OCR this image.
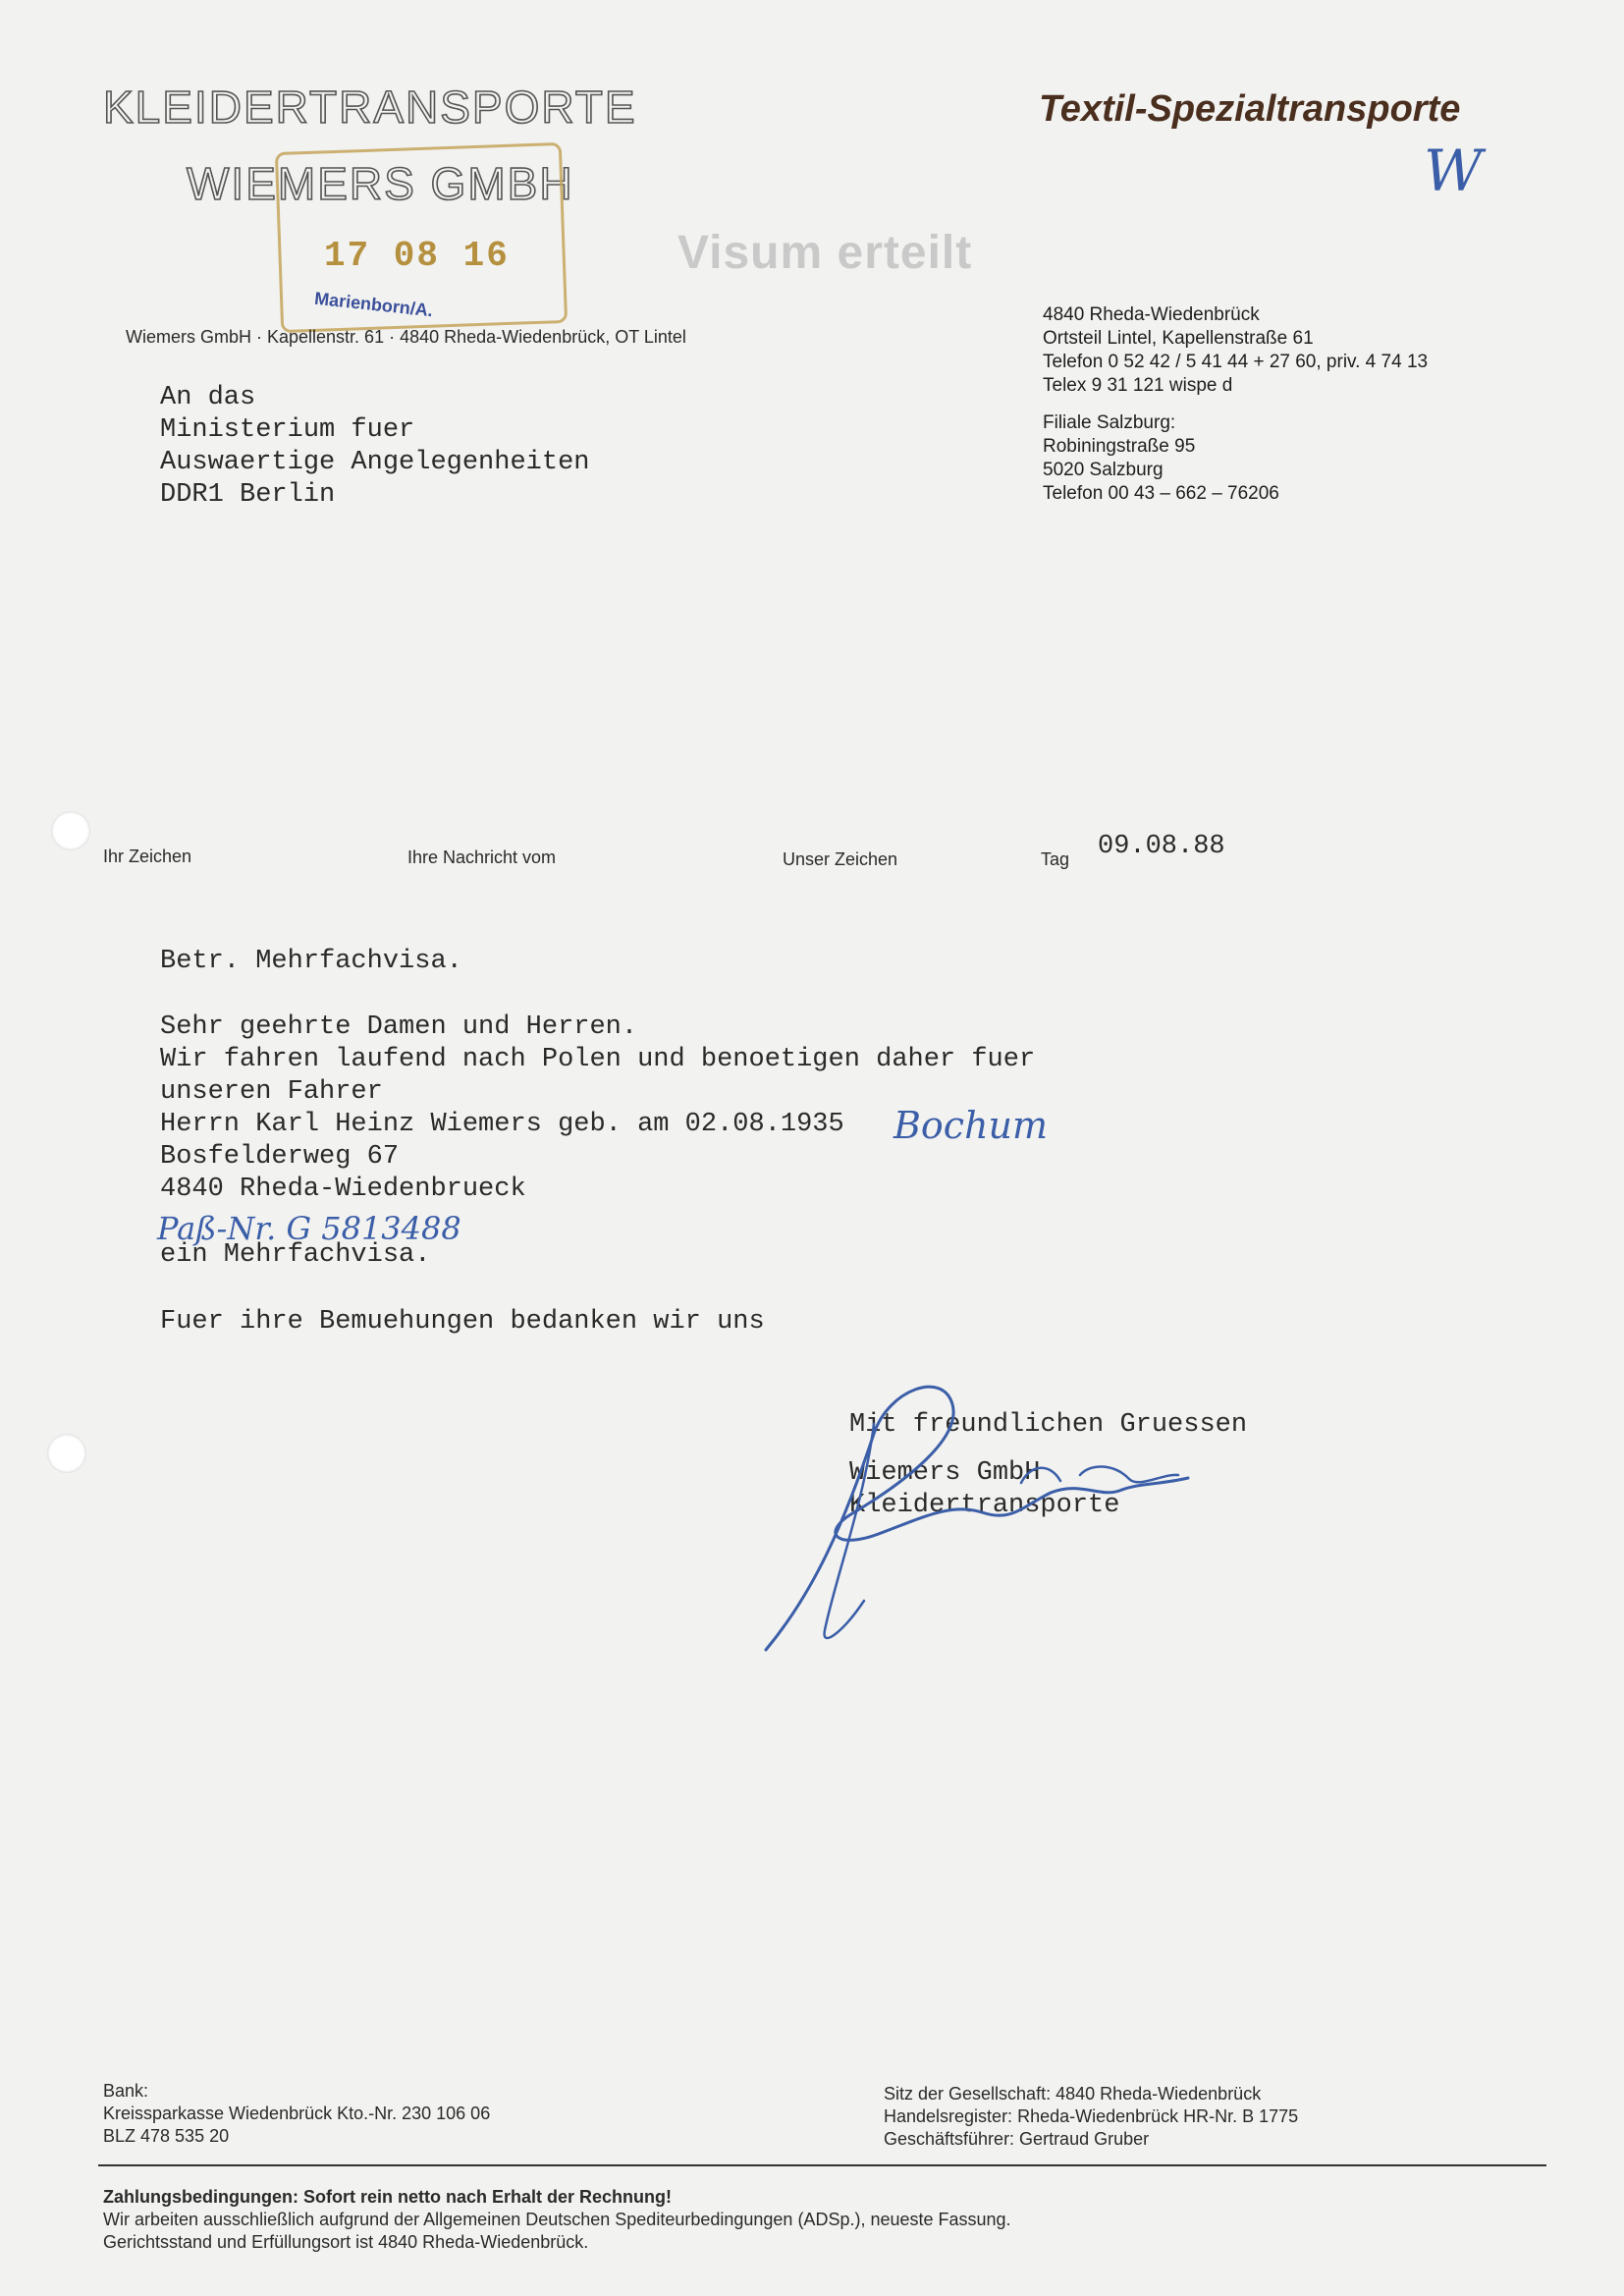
KLEIDERTRANSPORTE
WIEMERS GMBH
Textil-Spezialtransporte
W
17 08 16
Marienborn/A.
Visum erteilt
Wiemers GmbH · Kapellenstr. 61 · 4840 Rheda-Wiedenbrück, OT Lintel
4840 Rheda-Wiedenbrück
Ortsteil Lintel, Kapellenstraße 61
Telefon 0 52 42 / 5 41 44 + 27 60, priv. 4 74 13
Telex 9 31 121 wispe d
Filiale Salzburg:
Robiningstraße 95
5020 Salzburg
Telefon 00 43 – 662 – 76206
An das
Ministerium fuer
Auswaertige Angelegenheiten
DDR1 Berlin
Ihr Zeichen	Ihre Nachricht vom	Unser Zeichen	Tag 09.08.88
Betr. Mehrfachvisa.
Sehr geehrte Damen und Herren.
Wir fahren laufend nach Polen und benoetigen daher fuer
unseren Fahrer
Herrn Karl Heinz Wiemers geb. am 02.08.1935 Bochum
Bosfelderweg 67
4840 Rheda-Wiedenbrueck
Paß-Nr. G 5813488
ein Mehrfachvisa.
Fuer ihre Bemuehungen bedanken wir uns
Mit freundlichen Gruessen
Wiemers GmbH
Kleidertransporte
Bank:
Kreissparkasse Wiedenbrück Kto.-Nr. 230 106 06
BLZ 478 535 20
Sitz der Gesellschaft: 4840 Rheda-Wiedenbrück
Handelsregister: Rheda-Wiedenbrück HR-Nr. B 1775
Geschäftsführer: Gertraud Gruber
Zahlungsbedingungen: Sofort rein netto nach Erhalt der Rechnung!
Wir arbeiten ausschließlich aufgrund der Allgemeinen Deutschen Spediteurbedingungen (ADSp.), neueste Fassung.
Gerichtsstand und Erfüllungsort ist 4840 Rheda-Wiedenbrück.
